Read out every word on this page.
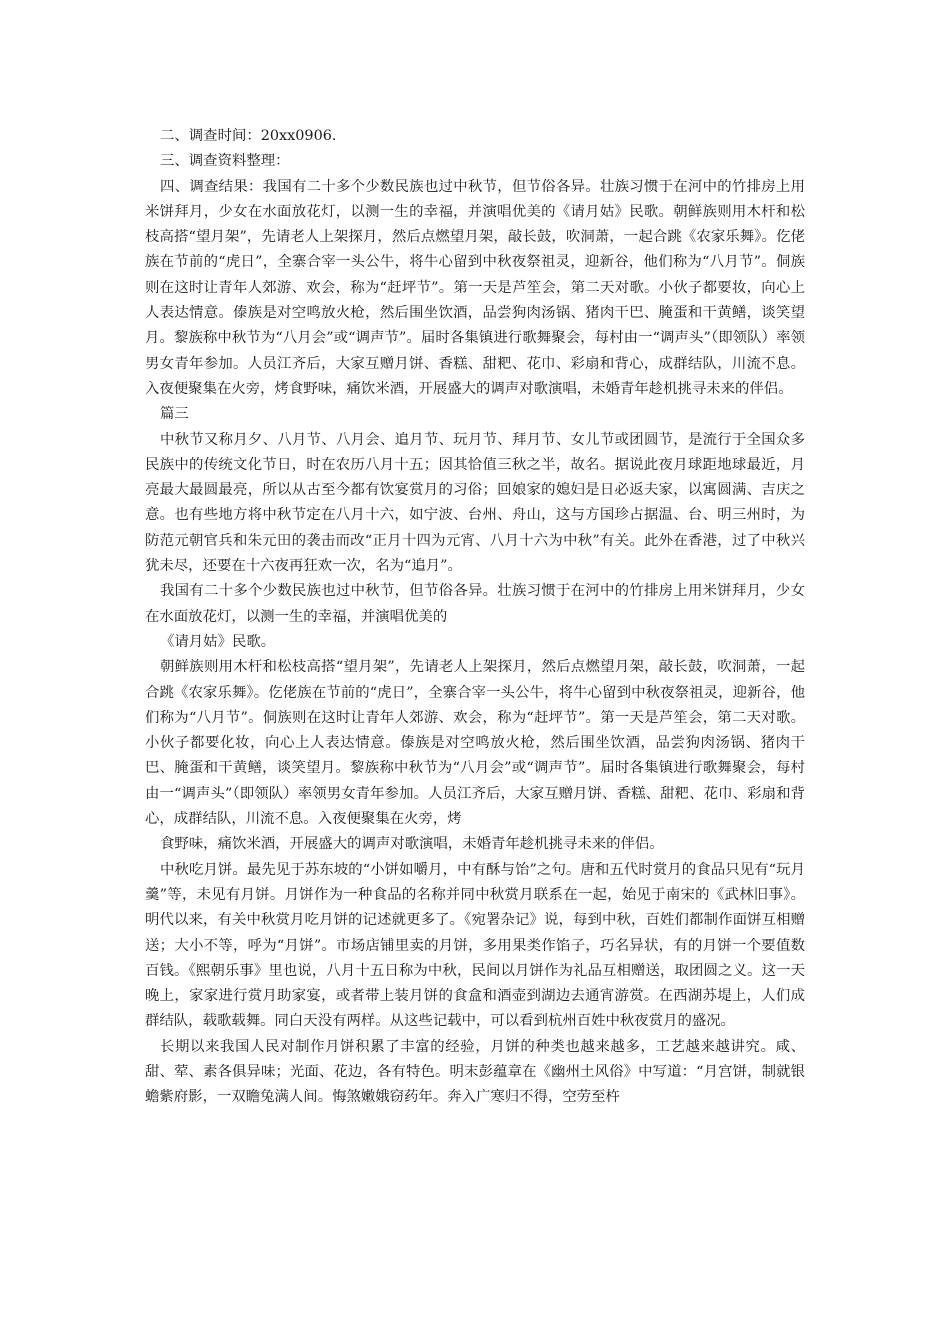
二、调查时间：20xx0906.

三、调查资料整理：

四、调查结果：我国有二十多个少数民族也过中秋节，但节俗各异。壮族习惯于在河中的竹排房上用米饼拜月，少女在水面放花灯，以测一生的幸福，并演唱优美的《请月姑》民歌。朝鲜族则用木杆和松枝高搭“望月架”，先请老人上架探月，然后点燃望月架，敲长鼓，吹洞萧，一起合跳《农家乐舞》。仡佬族在节前的“虎日”，全寨合宰一头公牛，将牛心留到中秋夜祭祖灵，迎新谷，他们称为“八月节”。侗族则在这时让青年人郊游、欢会，称为“赶坪节”。第一天是芦笙会，第二天对歌。小伙子都要妆，向心上人表达情意。傣族是对空鸣放火枪，然后围坐饮酒，品尝狗肉汤锅、猪肉干巴、腌蛋和干黄鳝，谈笑望月。黎族称中秋节为“八月会”或“调声节”。届时各集镇进行歌舞聚会，每村由一“调声头”（即领队）率领男女青年参加。人员江齐后，大家互赠月饼、香糕、甜粑、花巾、彩扇和背心，成群结队，川流不息。入夜便聚集在火旁，烤食野味，痛饮米酒，开展盛大的调声对歌演唱，未婚青年趁机挑寻未来的伴侣。

篇三

中秋节又称月夕、八月节、八月会、追月节、玩月节、拜月节、女儿节或团圆节，是流行于全国众多民族中的传统文化节日，时在农历八月十五；因其恰值三秋之半，故名。据说此夜月球距地球最近，月亮最大最圆最亮，所以从古至今都有饮宴赏月的习俗；回娘家的媳妇是日必返夫家，以寓圆满、吉庆之意。也有些地方将中秋节定在八月十六，如宁波、台州、舟山，这与方国珍占据温、台、明三州时，为防范元朝官兵和朱元田的袭击而改“正月十四为元宵、八月十六为中秋”有关。此外在香港，过了中秋兴犹未尽，还要在十六夜再狂欢一次，名为“追月”。

我国有二十多个少数民族也过中秋节，但节俗各异。壮族习惯于在河中的竹排房上用米饼拜月，少女在水面放花灯，以测一生的幸福，并演唱优美的

《请月姑》民歌。

朝鲜族则用木杆和松枝高搭“望月架”，先请老人上架探月，然后点燃望月架，敲长鼓，吹洞萧，一起合跳《农家乐舞》。仡佬族在节前的“虎日”，全寨合宰一头公牛，将牛心留到中秋夜祭祖灵，迎新谷，他们称为“八月节”。侗族则在这时让青年人郊游、欢会，称为“赶坪节”。第一天是芦笙会，第二天对歌。小伙子都要化妆，向心上人表达情意。傣族是对空鸣放火枪，然后围坐饮酒，品尝狗肉汤锅、猪肉干巴、腌蛋和干黄鳝，谈笑望月。黎族称中秋节为“八月会”或“调声节”。届时各集镇进行歌舞聚会，每村由一“调声头”（即领队）率领男女青年参加。人员江齐后，大家互赠月饼、香糕、甜粑、花巾、彩扇和背心，成群结队，川流不息。入夜便聚集在火旁，烤

食野味，痛饮米酒，开展盛大的调声对歌演唱，未婚青年趁机挑寻未来的伴侣。

中秋吃月饼。最先见于苏东坡的“小饼如嚼月，中有酥与饴”之句。唐和五代时赏月的食品只见有“玩月羹”等，未见有月饼。月饼作为一种食品的名称并同中秋赏月联系在一起，始见于南宋的《武林旧事》。明代以来，有关中秋赏月吃月饼的记述就更多了。《宛署杂记》说，每到中秋，百姓们都制作面饼互相赠送；大小不等，呼为“月饼”。市场店铺里卖的月饼，多用果类作馅子，巧名异状，有的月饼一个要值数百钱。《熙朝乐事》里也说，八月十五日称为中秋，民间以月饼作为礼品互相赠送，取团圆之义。这一天晚上，家家进行赏月助家宴，或者带上装月饼的食盒和酒壶到湖边去通宵游赏。在西湖苏堤上，人们成群结队，载歌载舞。同白天没有两样。从这些记载中，可以看到杭州百姓中秋夜赏月的盛况。

长期以来我国人民对制作月饼积累了丰富的经验，月饼的种类也越来越多，工艺越来越讲究。咸、甜、荤、素各俱异味；光面、花边，各有特色。明末彭蕴章在《幽州土风俗》中写道：“月宫饼，制就银蟾紫府影，一双瞻兔满人间。悔煞嫩娥窃药年。奔入广寒归不得，空劳至杵
